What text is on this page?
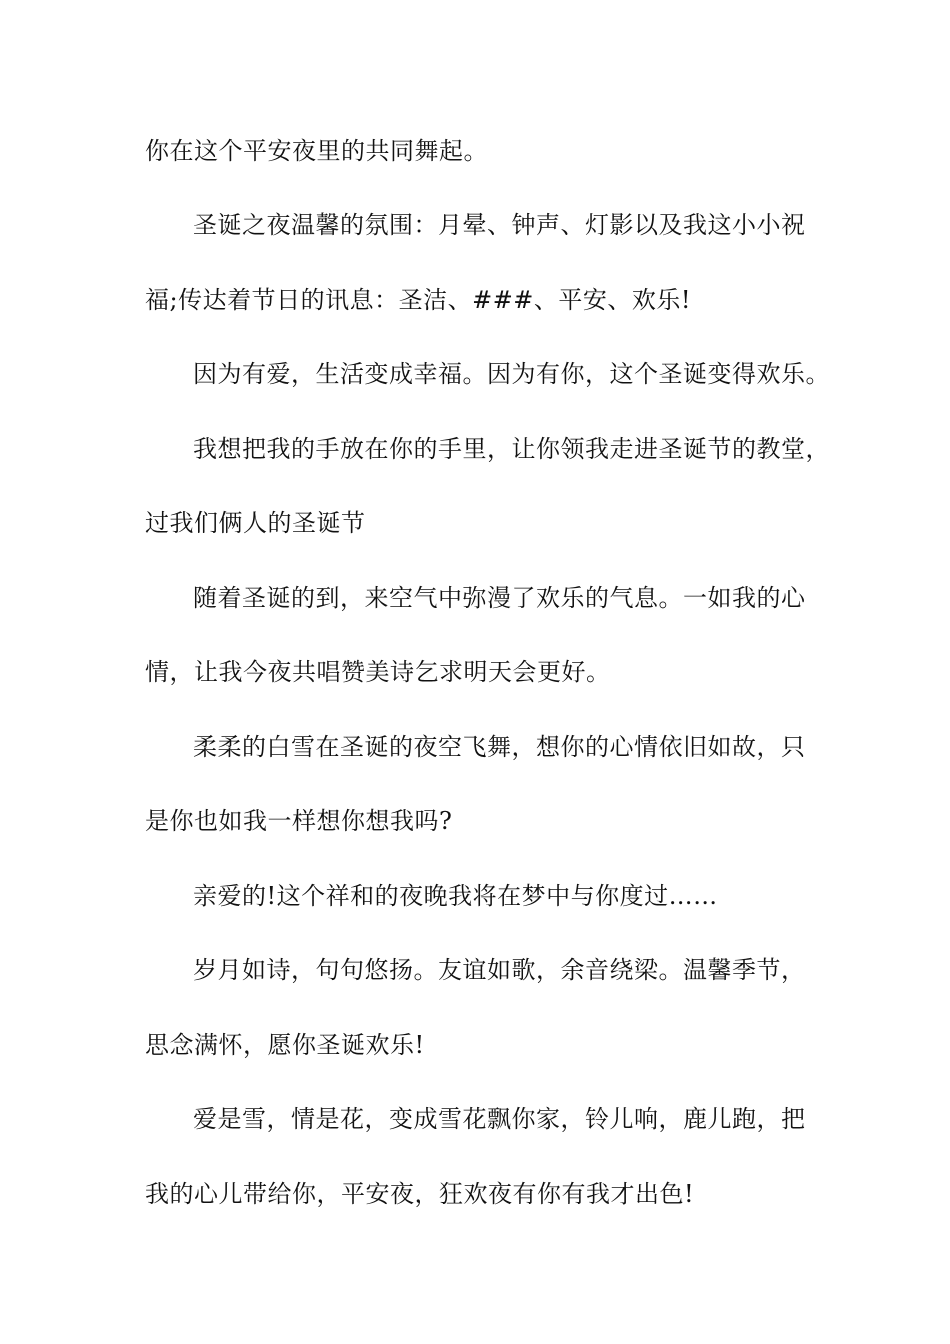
你在这个平安夜里的共同舞起。
圣诞之夜温馨的氛围：月晕、钟声、灯影以及我这小小祝
福;传达着节日的讯息：圣洁、###、平安、欢乐!
因为有爱，生活变成幸福。因为有你，这个圣诞变得欢乐。
我想把我的手放在你的手里，让你领我走进圣诞节的教堂，
过我们俩人的圣诞节
随着圣诞的到，来空气中弥漫了欢乐的气息。一如我的心
情，让我今夜共唱赞美诗乞求明天会更好。
柔柔的白雪在圣诞的夜空飞舞，想你的心情依旧如故，只
是你也如我一样想你想我吗?
亲爱的!这个祥和的夜晚我将在梦中与你度过……
岁月如诗，句句悠扬。友谊如歌，余音绕梁。温馨季节，
思念满怀，愿你圣诞欢乐!
爱是雪，情是花，变成雪花飘你家，铃儿响，鹿儿跑，把
我的心儿带给你，平安夜，狂欢夜有你有我才出色!
